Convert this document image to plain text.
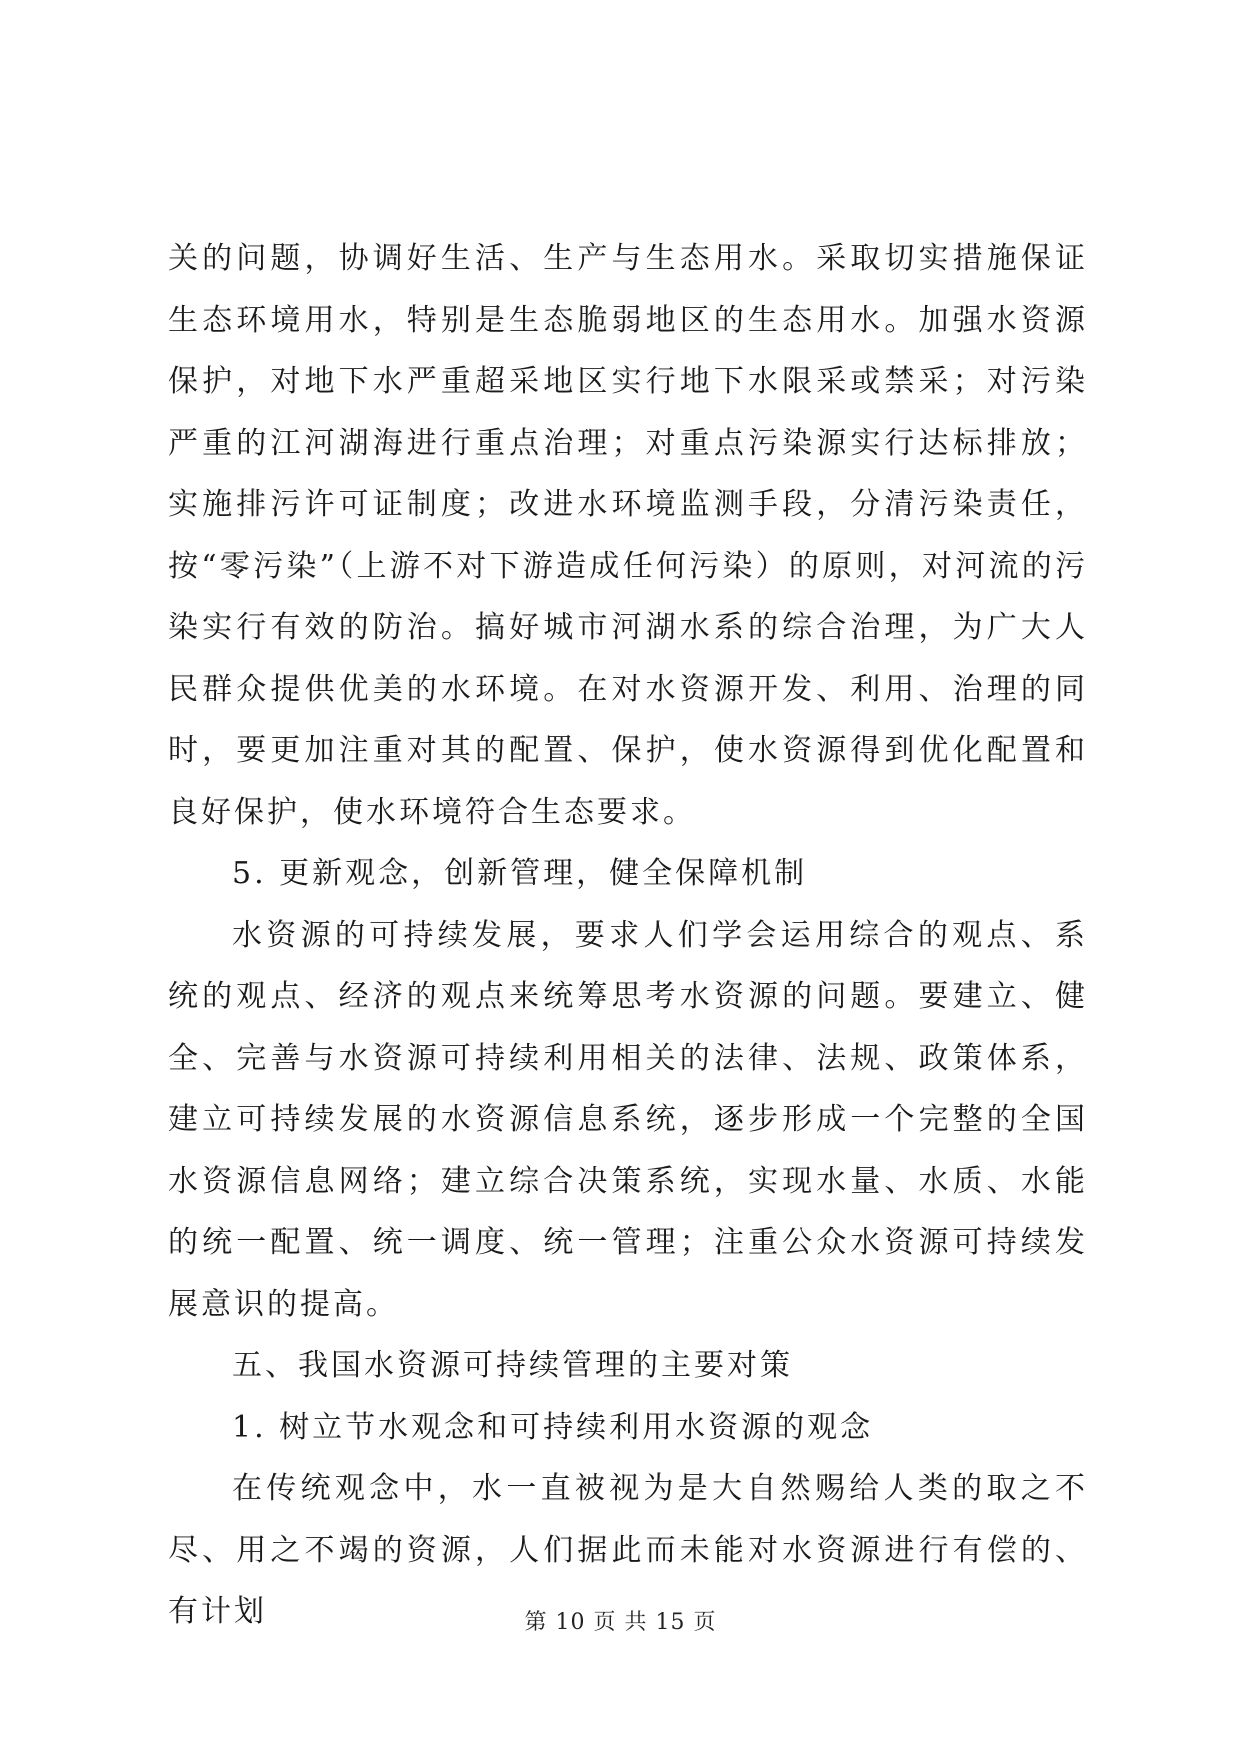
关的问题，协调好生活、生产与生态用水。采取切实措施保证生态环境用水，特别是生态脆弱地区的生态用水。加强水资源保护，对地下水严重超采地区实行地下水限采或禁采；对污染严重的江河湖海进行重点治理；对重点污染源实行达标排放；实施排污许可证制度；改进水环境监测手段，分清污染责任，按“零污染”（上游不对下游造成任何污染）的原则，对河流的污染实行有效的防治。搞好城市河湖水系的综合治理，为广大人民群众提供优美的水环境。在对水资源开发、利用、治理的同时，要更加注重对其的配置、保护，使水资源得到优化配置和良好保护，使水环境符合生态要求。

5. 更新观念，创新管理，健全保障机制

水资源的可持续发展，要求人们学会运用综合的观点、系统的观点、经济的观点来统筹思考水资源的问题。要建立、健全、完善与水资源可持续利用相关的法律、法规、政策体系，建立可持续发展的水资源信息系统，逐步形成一个完整的全国水资源信息网络；建立综合决策系统，实现水量、水质、水能的统一配置、统一调度、统一管理；注重公众水资源可持续发展意识的提高。

五、我国水资源可持续管理的主要对策

1. 树立节水观念和可持续利用水资源的观念

在传统观念中，水一直被视为是大自然赐给人类的取之不尽、用之不竭的资源，人们据此而未能对水资源进行有偿的、有计划	第 10 页 共 15 页
